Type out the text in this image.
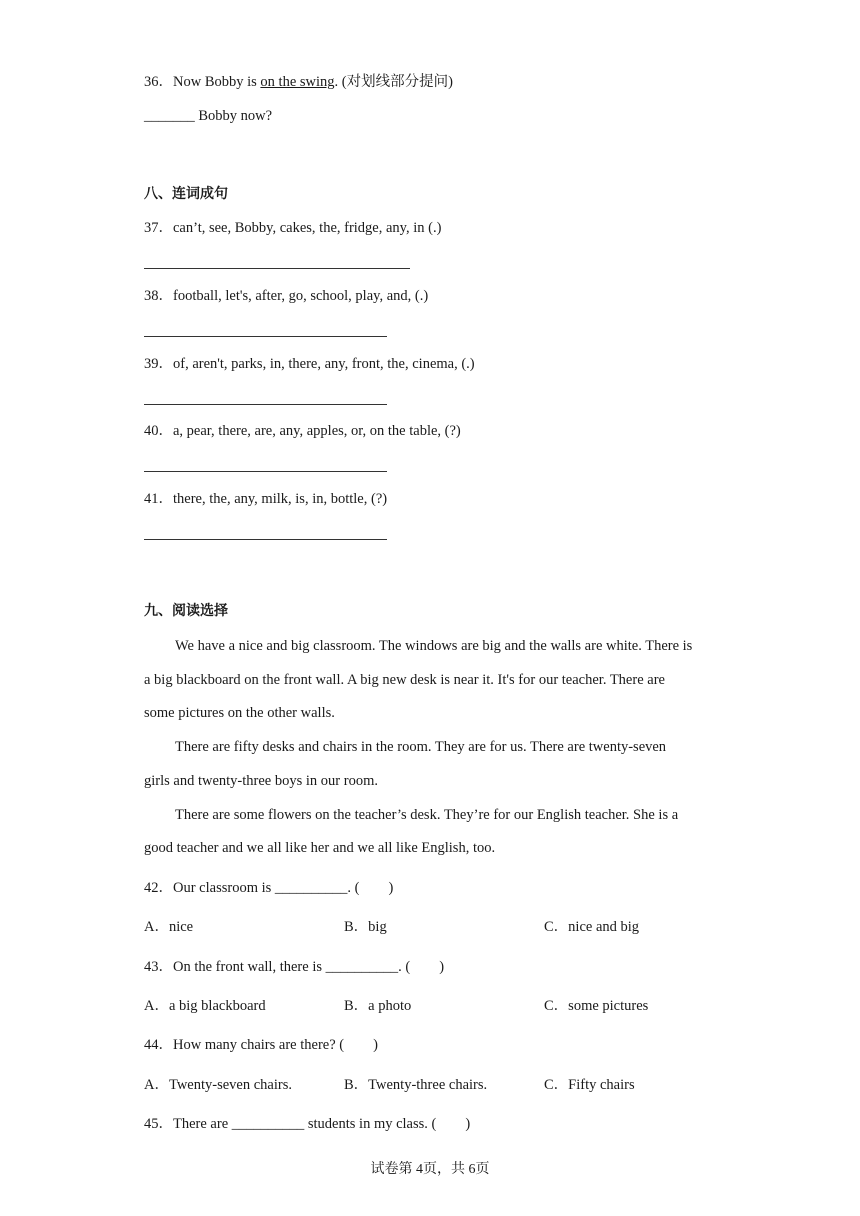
36．Now Bobby is on the swing. (对划线部分提问)
_______ Bobby now?
八、连词成句
37．can’t, see, Bobby, cakes, the, fridge, any, in (.)
38．football, let's, after, go, school, play, and, (.)
39．of, aren't, parks, in, there, any, front, the, cinema, (.)
40．a, pear, there, are, any, apples, or, on the table, (?)
41．there, the, any, milk, is, in, bottle, (?)
九、阅读选择
We have a nice and big classroom. The windows are big and the walls are white. There is
a big blackboard on the front wall. A big new desk is near it. It's for our teacher. There are
some pictures on the other walls.
There are fifty desks and chairs in the room. They are for us. There are twenty-seven
girls and twenty-three boys in our room.
There are some flowers on the teacher’s desk. They’re for our English teacher. She is a
good teacher and we all like her and we all like English, too.
42．Our classroom is __________. (　　)
A．nice	B．big	C．nice and big
43．On the front wall, there is __________. (　　)
A．a big blackboard	B．a photo	C．some pictures
44．How many chairs are there? (　　)
A．Twenty-seven chairs.	B．Twenty-three chairs.	C．Fifty chairs
45．There are __________ students in my class. (　　)
试卷第 4页，共 6页
